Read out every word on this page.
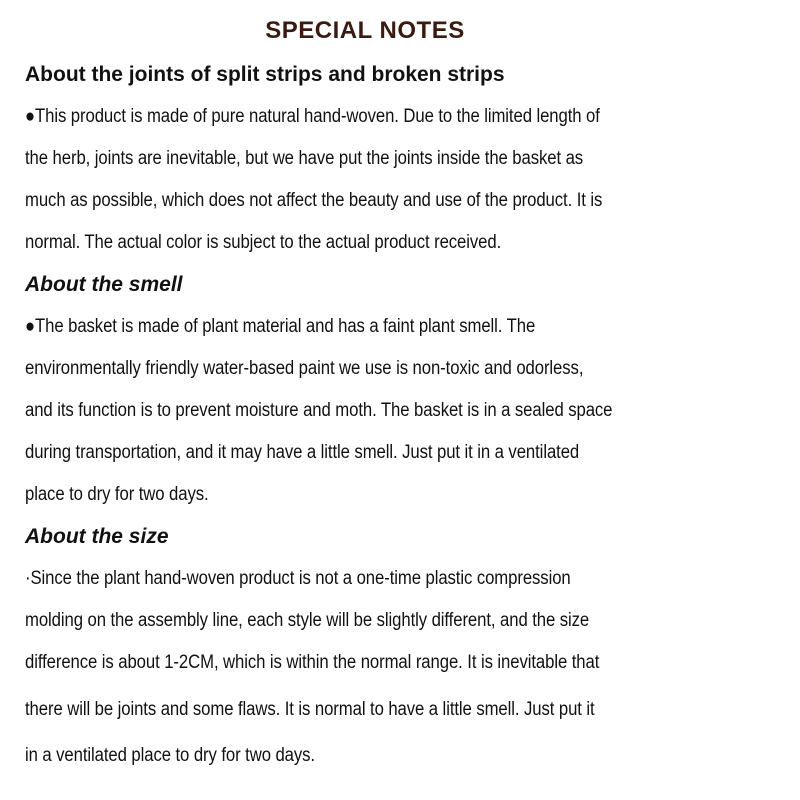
SPECIAL NOTES
About the joints of split strips and broken strips
●This product is made of pure natural hand-woven. Due to the limited length of
the herb, joints are inevitable, but we have put the joints inside the basket as
much as possible, which does not affect the beauty and use of the product. It is
normal. The actual color is subject to the actual product received.
About the smell
●The basket is made of plant material and has a faint plant smell. The
environmentally friendly water-based paint we use is non-toxic and odorless,
and its function is to prevent moisture and moth. The basket is in a sealed space
during transportation, and it may have a little smell. Just put it in a ventilated
place to dry for two days.
About the size
·Since the plant hand-woven product is not a one-time plastic compression
molding on the assembly line, each style will be slightly different, and the size
difference is about 1-2CM, which is within the normal range. It is inevitable that
there will be joints and some flaws. It is normal to have a little smell. Just put it
in a ventilated place to dry for two days.
